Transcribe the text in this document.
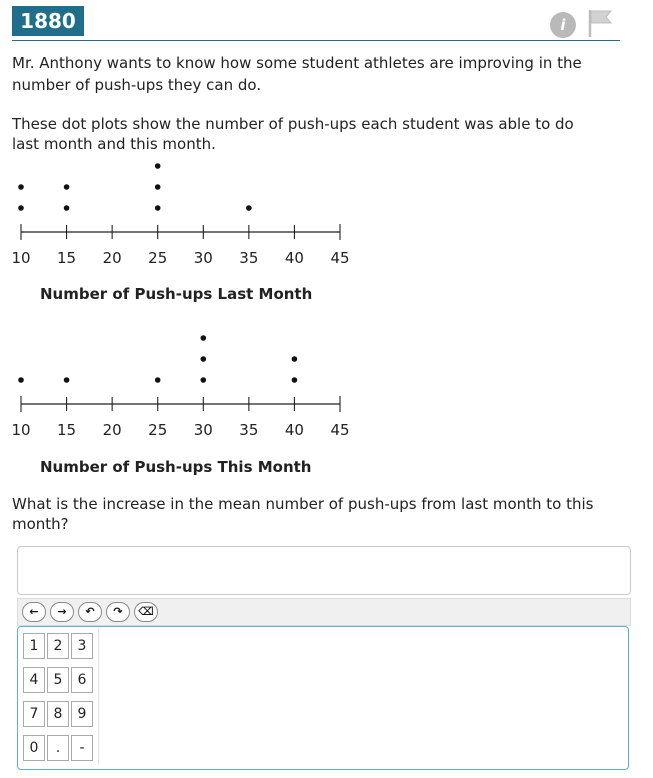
1880	i
Mr. Anthony wants to know how some student athletes are improving in the
number of push-ups they can do.
These dot plots show the number of push-ups each student was able to do
last month and this month.
10 15 20 25 30 35 40 45
Number of Push-ups Last Month
10 15 20 25 30 35 40 45
Number of Push-ups This Month
What is the increase in the mean number of push-ups from last month to this
month?
←	→	↶	↷	⌫
1	2	3
4	5	6
7	8	9
0	.	-
